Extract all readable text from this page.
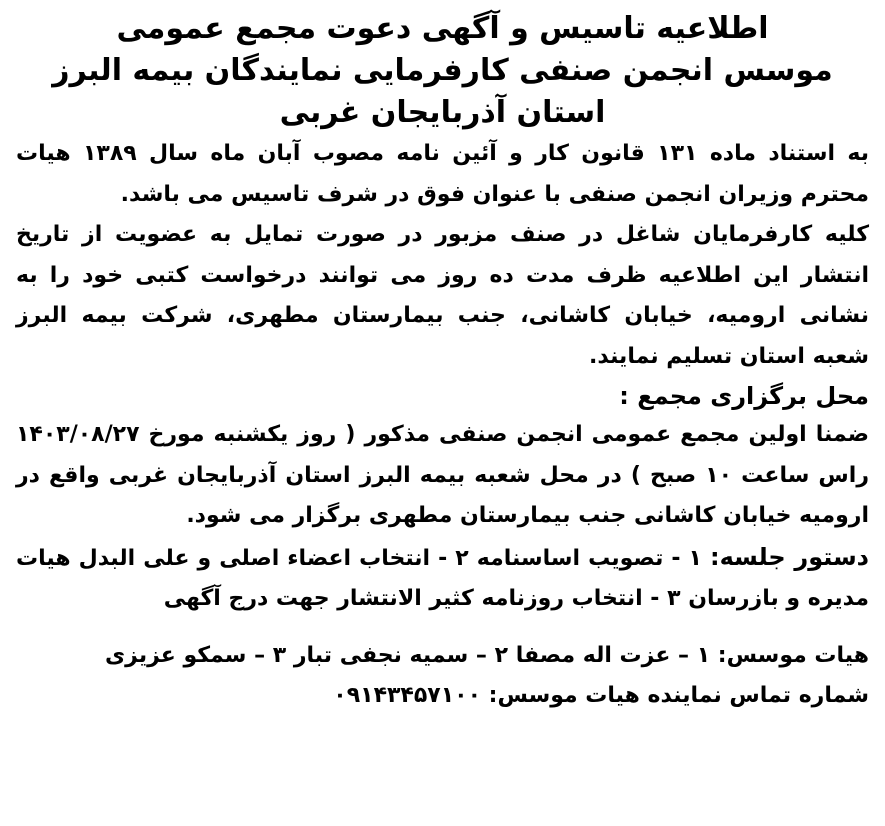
اطلاعیه تاسیس و آگهی دعوت مجمع عمومی

موسس انجمن صنفی کارفرمایی نمایندگان بیمه البرز

استان آذربایجان غربی

به استناد ماده ۱۳۱ قانون کار و آئین نامه مصوب آبان ماه سال ۱۳۸۹ هیات محترم وزیران انجمن صنفی با عنوان فوق در شرف تاسیس می باشد.

کلیه کارفرمایان شاغل در صنف مزبور در صورت تمایل به عضویت از تاریخ انتشار این اطلاعیه ظرف مدت ده روز می توانند درخواست کتبی خود را به نشانی ارومیه، خیابان کاشانی، جنب بیمارستان مطهری، شرکت بیمه البرز شعبه استان تسلیم نمایند.

محل برگزاری مجمع :

ضمنا اولین مجمع عمومی انجمن صنفی مذکور ( روز یکشنبه مورخ ۱۴۰۳/۰۸/۲۷ راس ساعت ۱۰ صبح ) در محل شعبه بیمه البرز استان آذربایجان غربی واقع در ارومیه خیابان کاشانی جنب بیمارستان مطهری برگزار می شود.

دستور جلسه: ۱ - تصویب اساسنامه ۲ - انتخاب اعضاء اصلی و علی البدل هیات مدیره و بازرسان ۳ - انتخاب روزنامه کثیر الانتشار جهت درج آگهی

هیات موسس: ۱ – عزت اله مصفا ۲ – سمیه نجفی تبار ۳ – سمکو عزیزی

شماره تماس نماینده هیات موسس: ۰۹۱۴۳۴۵۷۱۰۰
